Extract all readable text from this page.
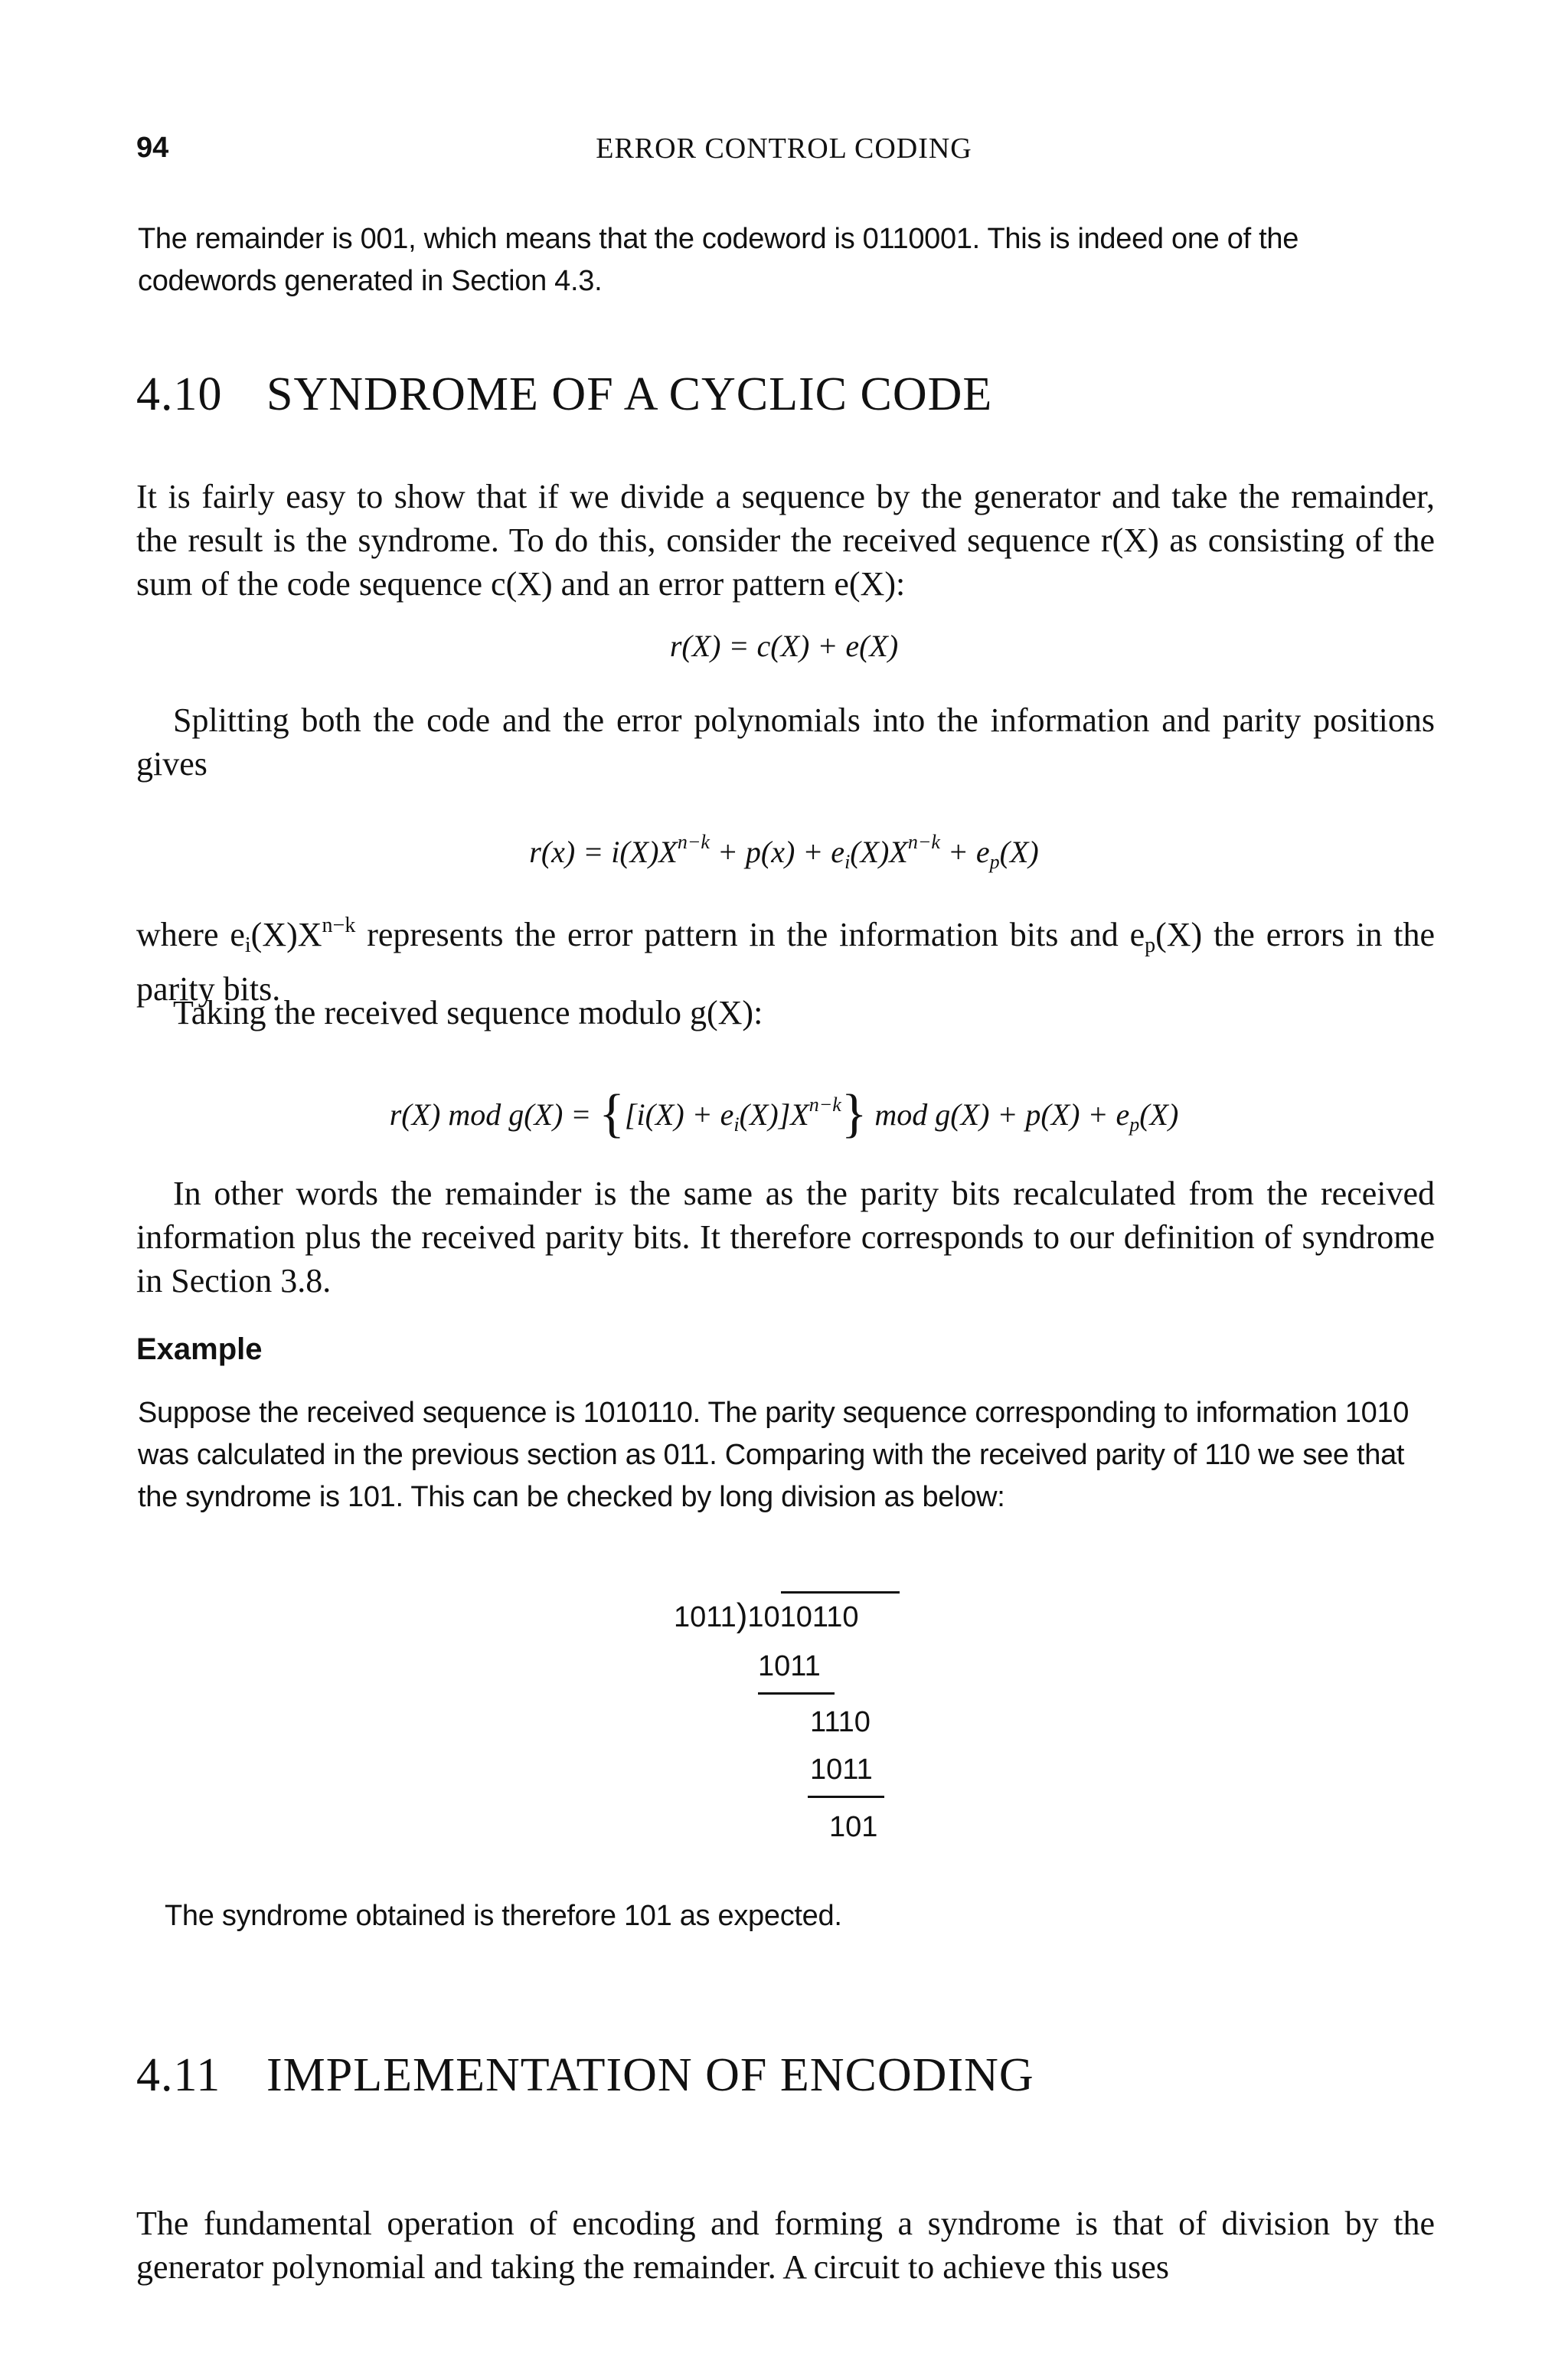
94	ERROR CONTROL CODING
The remainder is 001, which means that the codeword is 0110001. This is indeed one of the codewords generated in Section 4.3.
4.10 SYNDROME OF A CYCLIC CODE
It is fairly easy to show that if we divide a sequence by the generator and take the remainder, the result is the syndrome. To do this, consider the received sequence r(X) as consisting of the sum of the code sequence c(X) and an error pattern e(X):
r(X) = c(X) + e(X)
Splitting both the code and the error polynomials into the information and parity positions gives
$r(x) = i(X)X^{n-k} + p(x) + e_i(X)X^{n-k} + e_p(X)$
where $ei(X)X^{n-k}$ represents the error pattern in the information bits and ep(X) the errors in the parity bits.
Taking the received sequence modulo g(X):
r(X) mod $g(X) = \{[i(X) + e_i(X)]X^{n-k}\}$ mod $g(X) + p(X) + e_p(X)$
In other words the remainder is the same as the parity bits recalculated from the received information plus the received parity bits. It therefore corresponds to our definition of syndrome in Section 3.8.
Example
Suppose the received sequence is 1010110. The parity sequence corresponding to information 1010 was calculated in the previous section as 011. Comparing with the received parity of 110 we see that the syndrome is 101. This can be checked by long division as below:
1011)1010110
1011
1110
1011
101
The syndrome obtained is therefore 101 as expected.
4.11 IMPLEMENTATION OF ENCODING
The fundamental operation of encoding and forming a syndrome is that of division by the generator polynomial and taking the remainder. A circuit to achieve this uses
